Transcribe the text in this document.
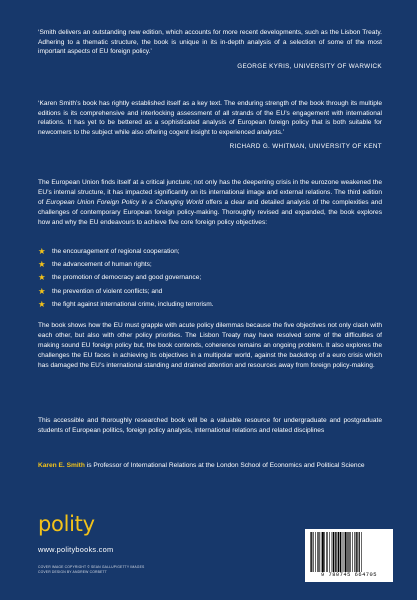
‘Smith delivers an outstanding new edition, which accounts for more recent developments, such as the Lisbon Treaty. Adhering to a thematic structure, the book is unique in its in-depth analysis of a selection of some of the most important aspects of EU foreign policy.’
GEORGE KYRIS, UNIVERSITY OF WARWICK
‘Karen Smith’s book has rightly established itself as a key text. The enduring strength of the book through its multiple editions is its comprehensive and interlocking assessment of all strands of the EU’s engagement with international relations. It has yet to be bettered as a sophisticated analysis of European foreign policy that is both suitable for newcomers to the subject while also offering cogent insight to experienced analysts.’
RICHARD G. WHITMAN, UNIVERSITY OF KENT

The European Union finds itself at a critical juncture; not only has the deepening crisis in the eurozone weakened the EU’s internal structure, it has impacted significantly on its international image and external relations. The third edition of European Union Foreign Policy in a Changing World offers a clear and detailed analysis of the complexities and challenges of contemporary European foreign policy-making. Thoroughly revised and expanded, the book explores how and why the EU endeavours to achieve five core foreign policy objectives:

★ the encouragement of regional cooperation;
★ the advancement of human rights;
★ the promotion of democracy and good governance;
★ the prevention of violent conflicts; and
★ the fight against international crime, including terrorism.

The book shows how the EU must grapple with acute policy dilemmas because the five objectives not only clash with each other, but also with other policy priorities. The Lisbon Treaty may have resolved some of the difficulties of making sound EU foreign policy but, the book contends, coherence remains an ongoing problem. It also explores the challenges the EU faces in achieving its objectives in a multipolar world, against the backdrop of a euro crisis which has damaged the EU’s international standing and drained attention and resources away from foreign policy-making.

This accessible and thoroughly researched book will be a valuable resource for undergraduate and postgraduate students of European politics, foreign policy analysis, international relations and related disciplines

Karen E. Smith is Professor of International Relations at the London School of Economics and Political Science

polity
www.politybooks.com
COVER IMAGE COPYRIGHT © SEAN GALLUP/GETTY IMAGES
COVER DESIGN BY ANDREW CORBETT	9 780745 664705
